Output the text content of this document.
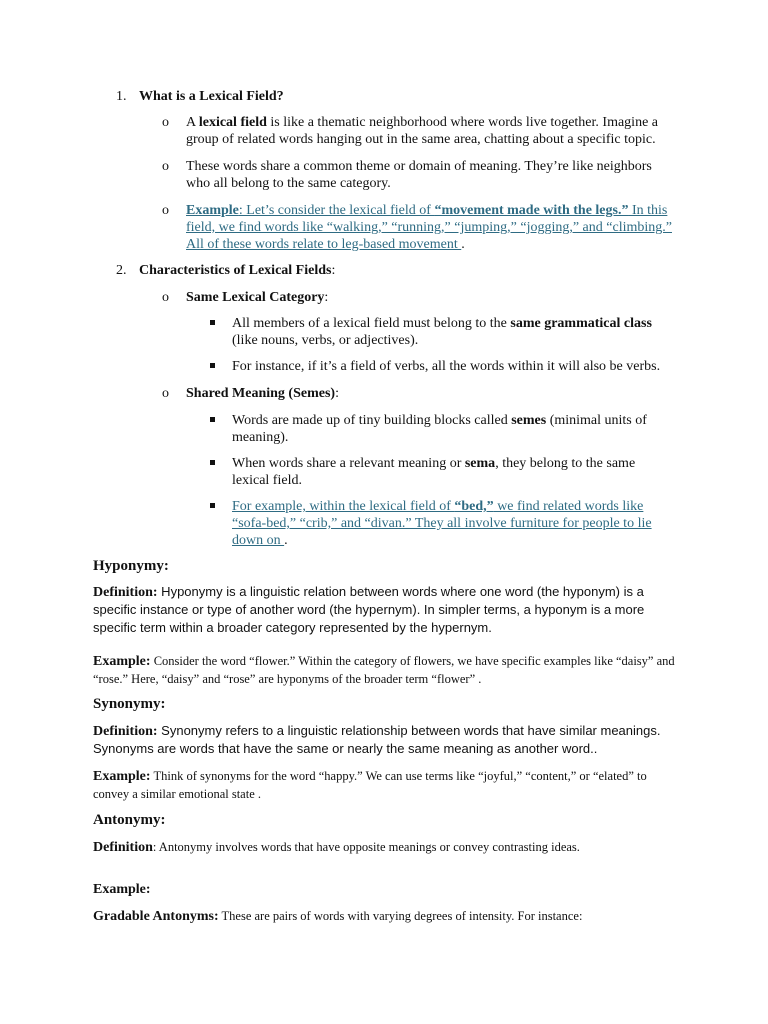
1. What is a Lexical Field?
o A lexical field is like a thematic neighborhood where words live together. Imagine a group of related words hanging out in the same area, chatting about a specific topic.
o These words share a common theme or domain of meaning. They’re like neighbors who all belong to the same category.
o Example: Let’s consider the lexical field of “movement made with the legs.” In this field, we find words like “walking,” “running,” “jumping,” “jogging,” and “climbing.” All of these words relate to leg-based movement .
2. Characteristics of Lexical Fields:
o Same Lexical Category:
All members of a lexical field must belong to the same grammatical class (like nouns, verbs, or adjectives).
For instance, if it’s a field of verbs, all the words within it will also be verbs.
o Shared Meaning (Semes):
Words are made up of tiny building blocks called semes (minimal units of meaning).
When words share a relevant meaning or sema, they belong to the same lexical field.
For example, within the lexical field of “bed,” we find related words like “sofa-bed,” “crib,” and “divan.” They all involve furniture for people to lie down on .
Hyponymy:
Definition: Hyponymy is a linguistic relation between words where one word (the hyponym) is a specific instance or type of another word (the hypernym). In simpler terms, a hyponym is a more specific term within a broader category represented by the hypernym.
Example: Consider the word “flower.” Within the category of flowers, we have specific examples like “daisy” and “rose.” Here, “daisy” and “rose” are hyponyms of the broader term “flower” .
Synonymy:
Definition: Synonymy refers to a linguistic relationship between words that have similar meanings. Synonyms are words that have the same or nearly the same meaning as another word..
Example: Think of synonyms for the word “happy.” We can use terms like “joyful,” “content,” or “elated” to convey a similar emotional state .
Antonymy:
Definition: Antonymy involves words that have opposite meanings or convey contrasting ideas.
Example:
Gradable Antonyms: These are pairs of words with varying degrees of intensity. For instance:
